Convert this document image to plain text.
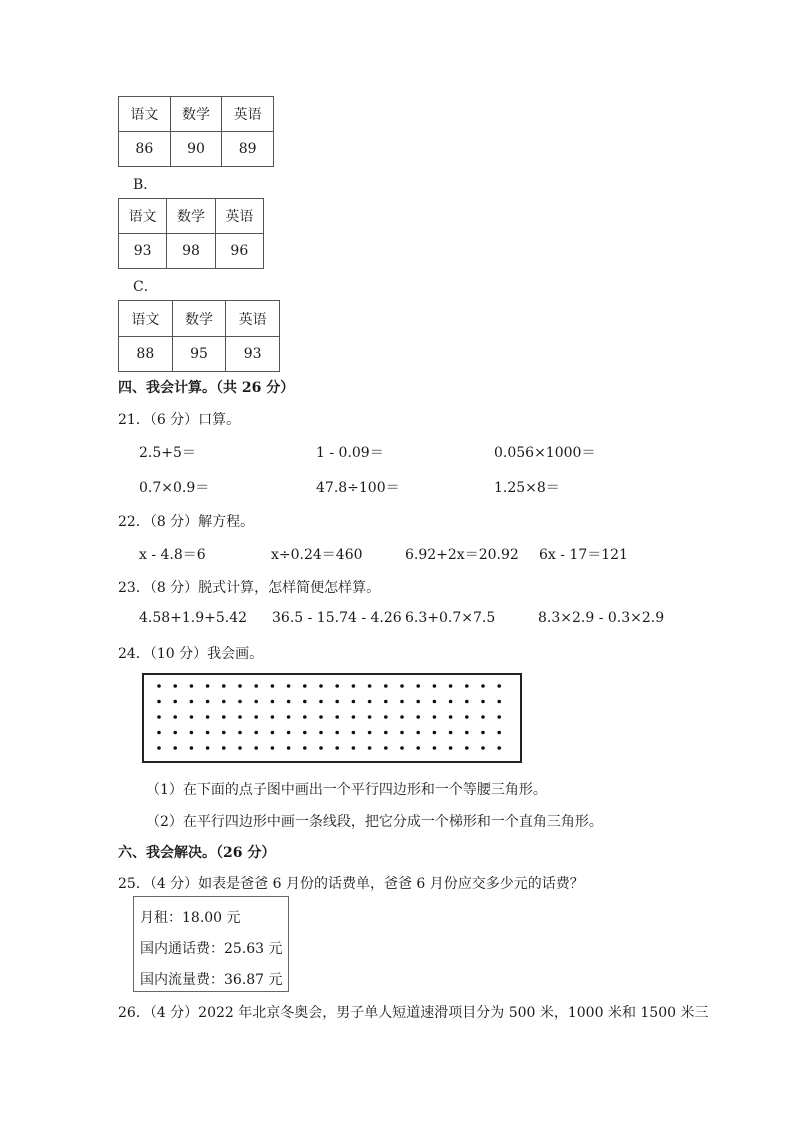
语文	数学	英语
86	90	89
B．
语文	数学	英语
93	98	96
C．
语文	数学	英语
88	95	93
四、我会计算。（共 26 分）
21．（6 分）口算。
2.5+5＝	1 - 0.09＝	0.056×1000＝
0.7×0.9＝	47.8÷100＝	1.25×8＝
22．（8 分）解方程。
x - 4.8＝6	x÷0.24＝460	6.92+2x＝20.92 6x - 17＝121
23．（8 分）脱式计算，怎样简便怎样算。
4.58+1.9+5.42 36.5 - 15.74 - 4.26 6.3+0.7×7.5	8.3×2.9 - 0.3×2.9
24．（10 分）我会画。
（1）在下面的点子图中画出一个平行四边形和一个等腰三角形。
（2）在平行四边形中画一条线段，把它分成一个梯形和一个直角三角形。
六、我会解决。（26 分）
25．（4 分）如表是爸爸 6 月份的话费单，爸爸 6 月份应交多少元的话费？
月租：18.00 元
国内通话费：25.63 元
国内流量费：36.87 元
26．（4 分）2022 年北京冬奥会，男子单人短道速滑项目分为 500 米，1000 米和 1500 米三
